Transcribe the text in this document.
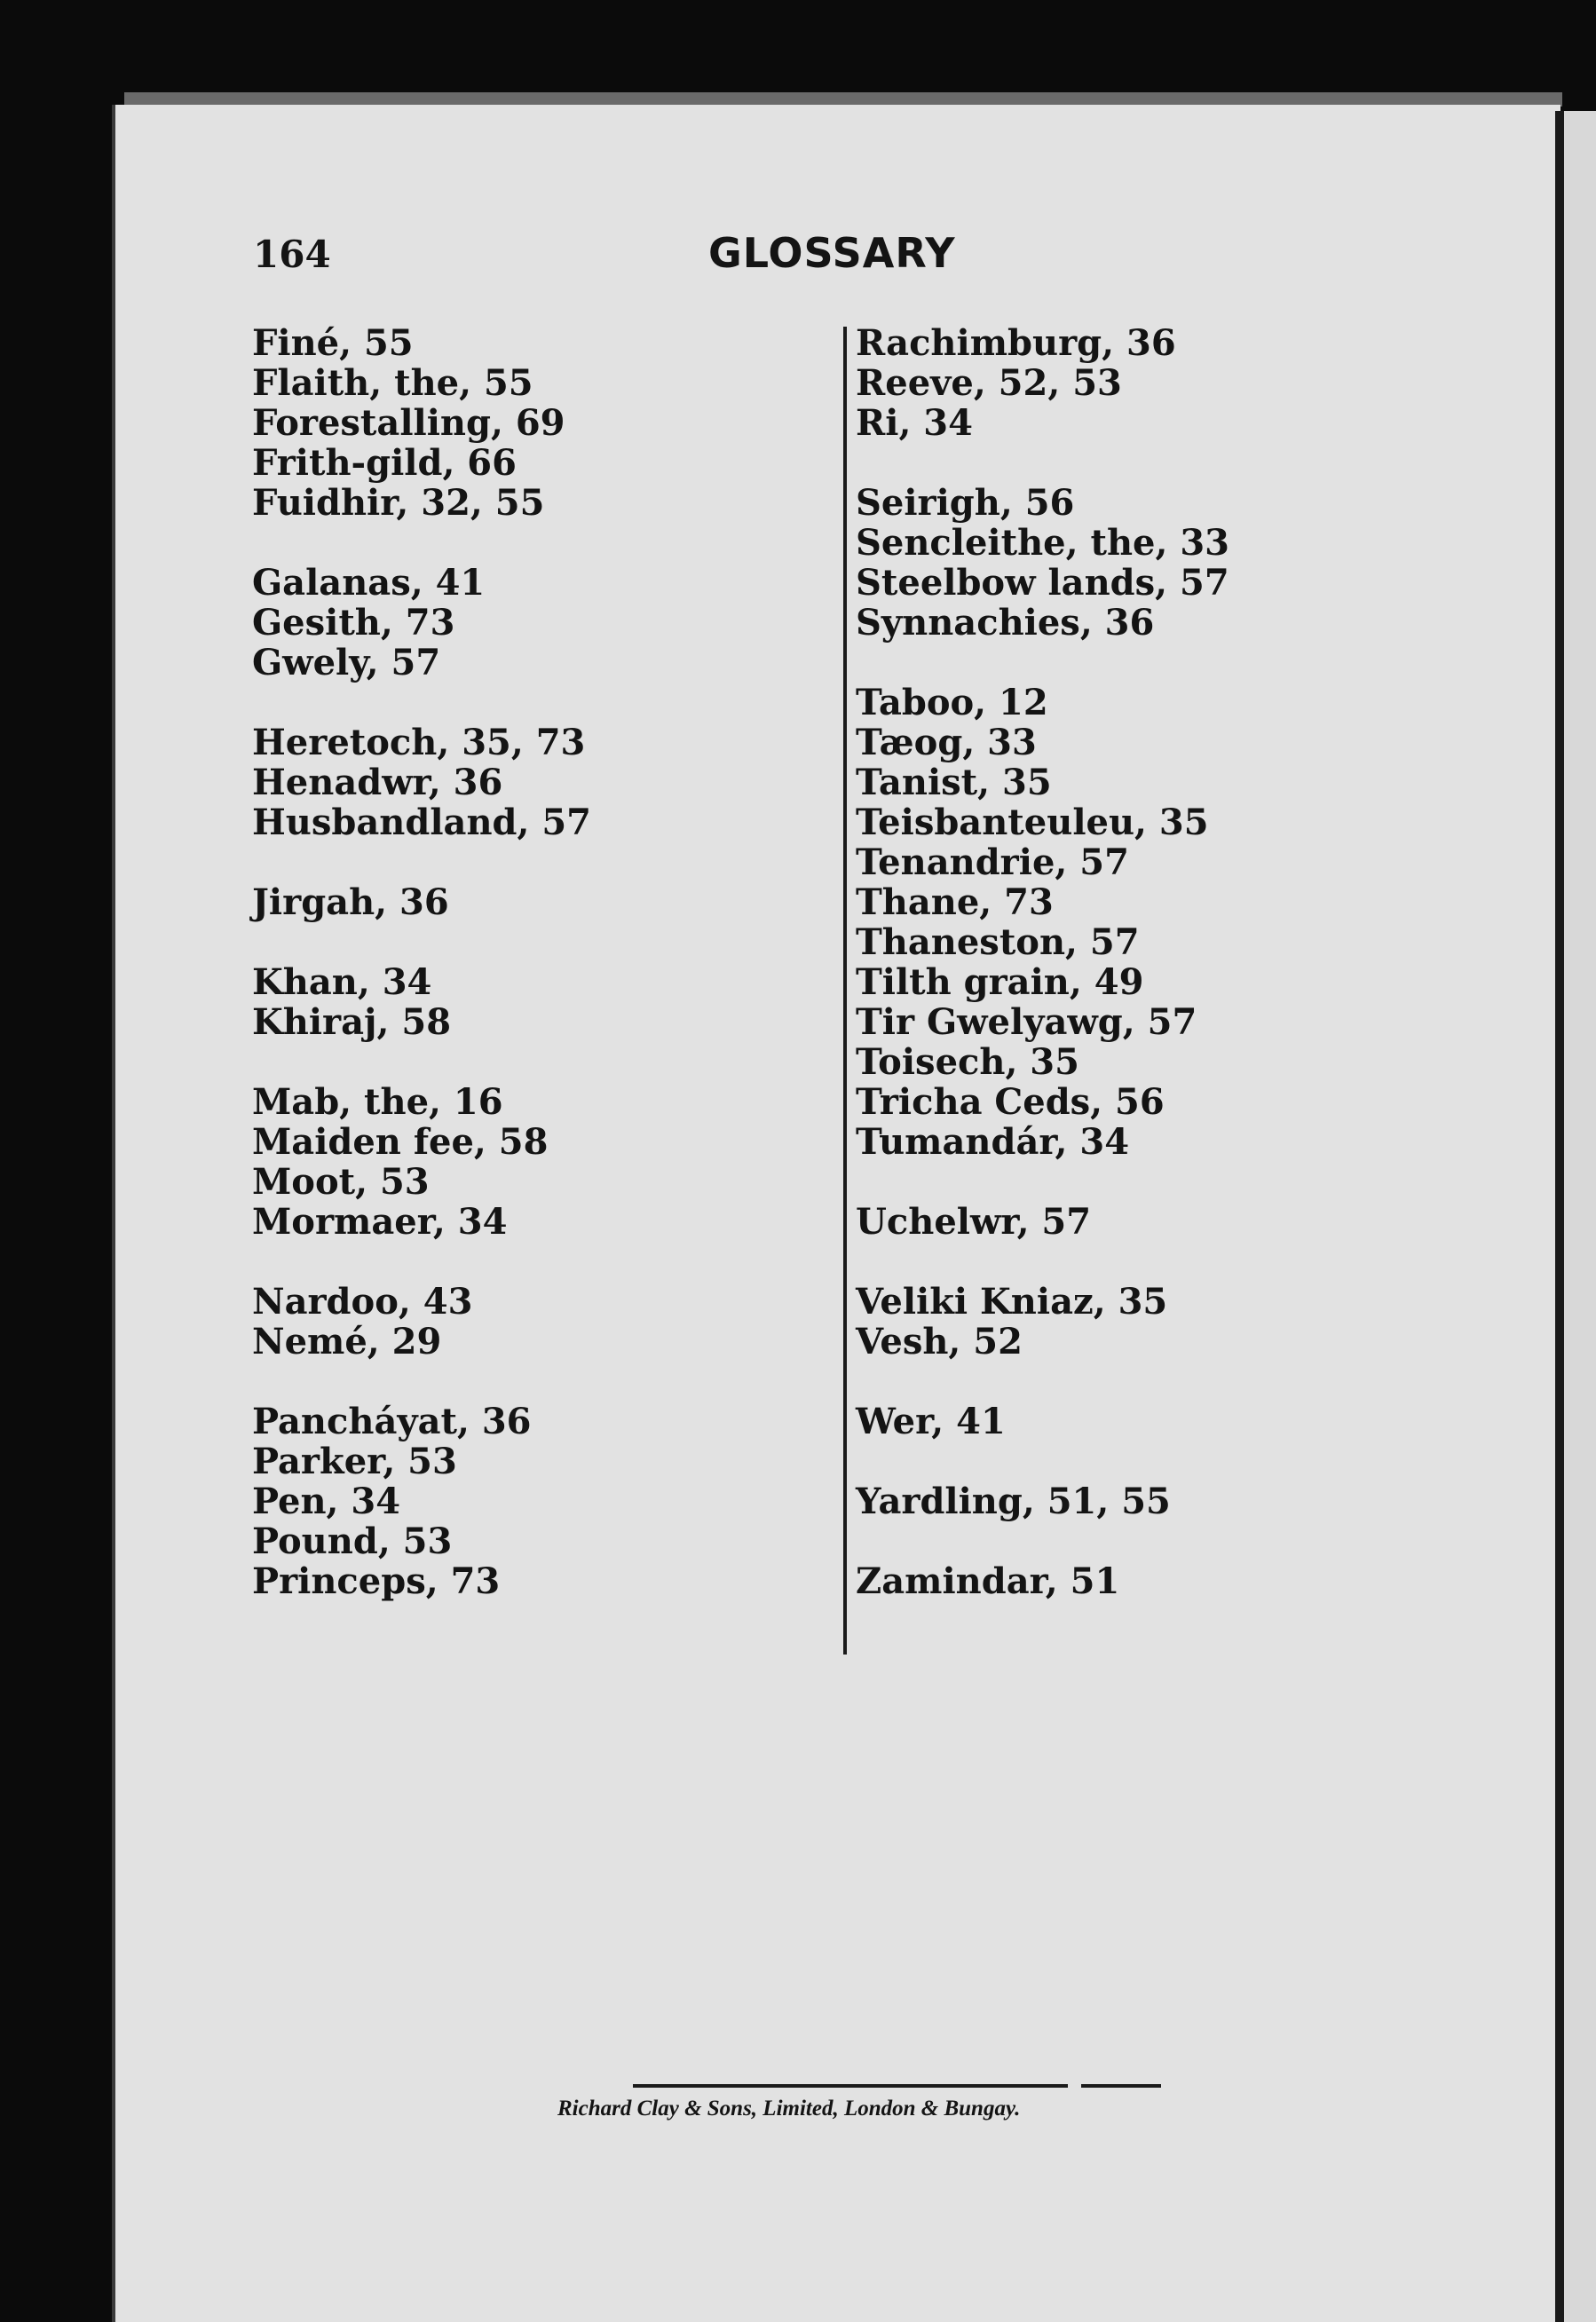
164	GLOSSARY
Finé, 55
Flaith, the, 55
Forestalling, 69
Frith-gild, 66
Fuidhir, 32, 55
Galanas, 41
Gesith, 73
Gwely, 57
Heretoch, 35, 73
Henadwr, 36
Husbandland, 57
Jirgah, 36
Khan, 34
Khiraj, 58
Mab, the, 16
Maiden fee, 58
Moot, 53
Mormaer, 34
Nardoo, 43
Nemé, 29
Pancháyat, 36
Parker, 53
Pen, 34
Pound, 53
Princeps, 73
Rachimburg, 36
Reeve, 52, 53
Ri, 34
Seirigh, 56
Sencleithe, the, 33
Steelbow lands, 57
Synnachies, 36
Taboo, 12
Tæog, 33
Tanist, 35
Teisbanteuleu, 35
Tenandrie, 57
Thane, 73
Thaneston, 57
Tilth grain, 49
Tir Gwelyawg, 57
Toisech, 35
Tricha Ceds, 56
Tumandár, 34
Uchelwr, 57
Veliki Kniaz, 35
Vesh, 52
Wer, 41
Yardling, 51, 55
Zamindar, 51

Richard Clay & Sons, Limited, London & Bungay.
